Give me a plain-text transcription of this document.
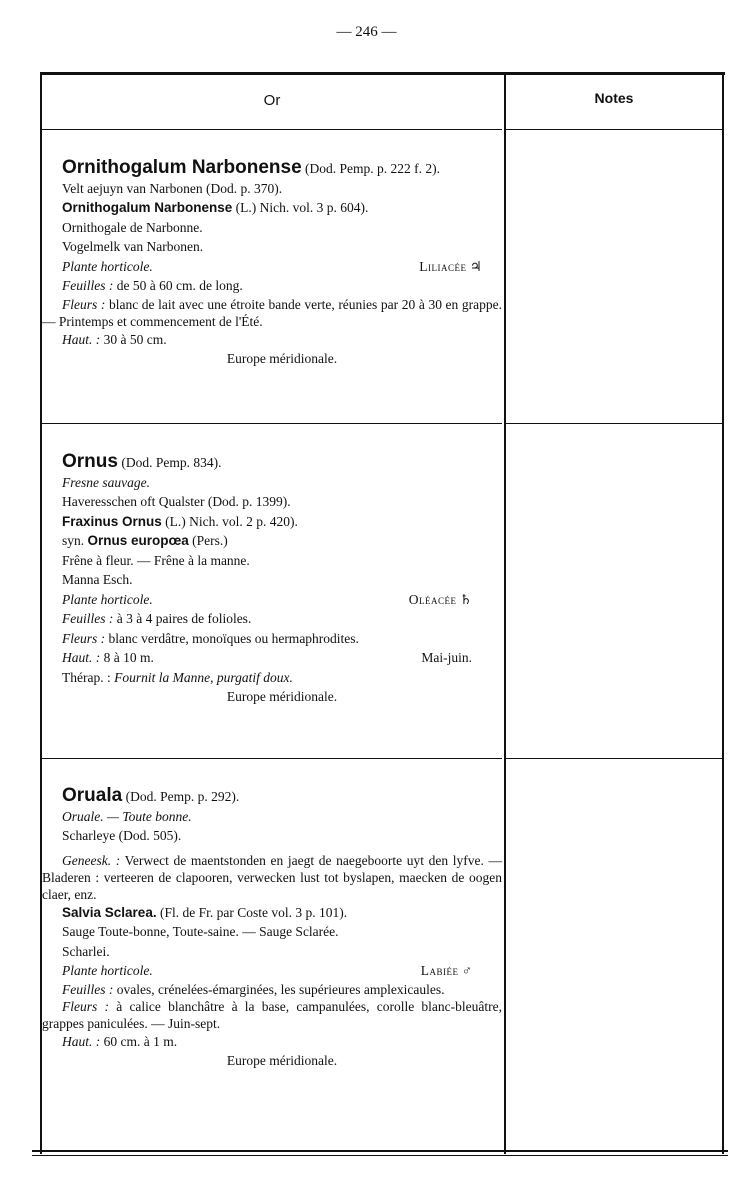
— 246 —
Or	Notes
Ornithogalum Narbonense (Dod. Pemp. p. 222 f. 2).
Velt aejuyn van Narbonen (Dod. p. 370).
Ornithogalum Narbonense (L.) Nich. vol. 3 p. 604).
Ornithogale de Narbonne.
Vogelmelk van Narbonen.
Plante horticole.	Liliacée ♃
Feuilles : de 50 à 60 cm. de long.
Fleurs : blanc de lait avec une étroite bande verte, réunies par 20 à 30 en grappe. — Printemps et commencement de l'Été.
Haut. : 30 à 50 cm.
Europe méridionale.
Ornus (Dod. Pemp. 834).
Fresne sauvage.
Haveresschen oft Qualster (Dod. p. 1399).
Fraxinus Ornus (L.) Nich. vol. 2 p. 420).
syn. Ornus europœa (Pers.)
Frêne à fleur. — Frêne à la manne.
Manna Esch.
Plante horticole.	Oléacée ♄
Feuilles : à 3 à 4 paires de folioles.
Fleurs : blanc verdâtre, monoïques ou hermaphrodites.
Haut. : 8 à 10 m.	Mai-juin.
Thérap. : Fournit la Manne, purgatif doux.
Europe méridionale.
Oruala (Dod. Pemp. p. 292).
Oruale. — Toute bonne.
Scharleye (Dod. 505).
Geneesk. : Verwect de maentstonden en jaegt de naegeboorte uyt den lyfve. — Bladeren : verteeren de clapooren, verwecken lust tot byslapen, maecken de oogen claer, enz.
Salvia Sclarea. (Fl. de Fr. par Coste vol. 3 p. 101).
Sauge Toute-bonne, Toute-saine. — Sauge Sclarée.
Scharlei.
Plante horticole.	Labiée ♂
Feuilles : ovales, crénelées-émarginées, les supérieures amplexicaules.
Fleurs : à calice blanchâtre à la base, campanulées, corolle blanc-bleuâtre, grappes paniculées. — Juin-sept.
Haut. : 60 cm. à 1 m.
Europe méridionale.
